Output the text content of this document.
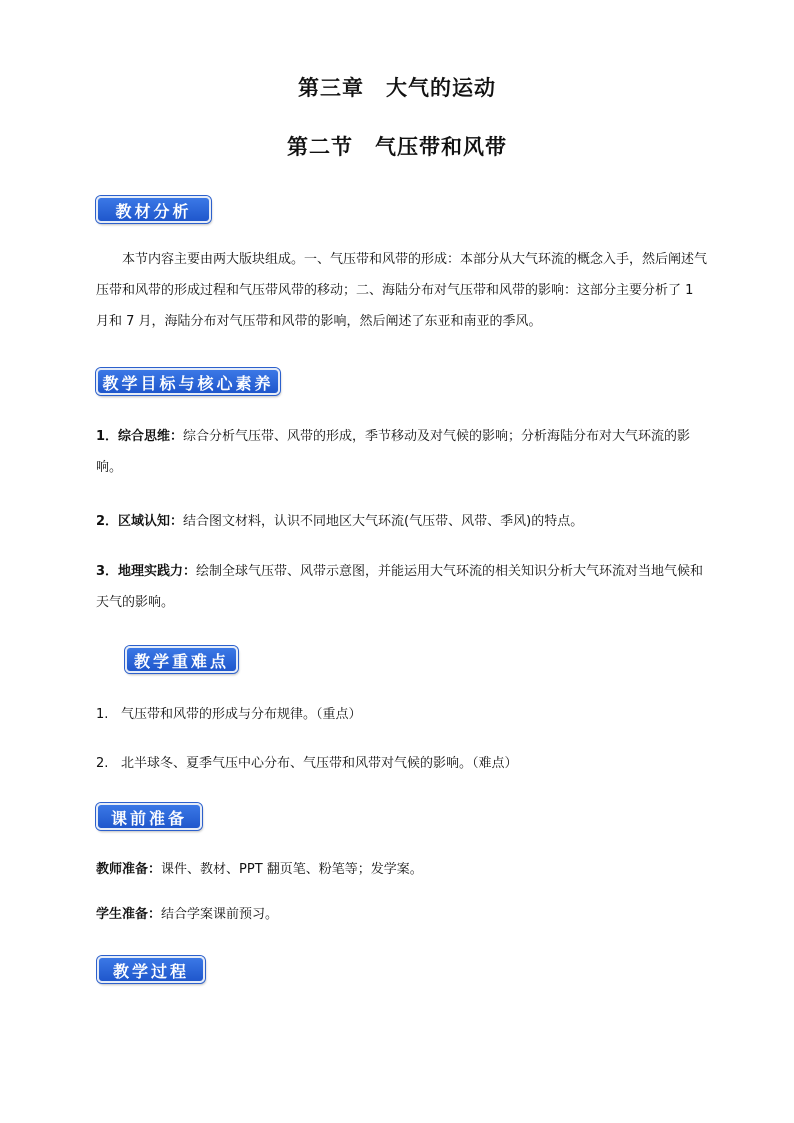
第三章 大气的运动
第二节 气压带和风带
教材分析

本节内容主要由两大版块组成。一、气压带和风带的形成：本部分从大气环流的概念入手，然后阐述气压带和风带的形成过程和气压带风带的移动；二、海陆分布对气压带和风带的影响：这部分主要分析了 1 月和 7 月，海陆分布对气压带和风带的影响，然后阐述了东亚和南亚的季风。

教学目标与核心素养

1．综合思维：综合分析气压带、风带的形成，季节移动及对气候的影响；分析海陆分布对大气环流的影响。

2．区域认知：结合图文材料，认识不同地区大气环流(气压带、风带、季风)的特点。

3．地理实践力：绘制全球气压带、风带示意图，并能运用大气环流的相关知识分析大气环流对当地气候和天气的影响。

教学重难点
1. 气压带和风带的形成与分布规律。（重点）
2. 北半球冬、夏季气压中心分布、气压带和风带对气候的影响。（难点）
课前准备
教师准备：课件、教材、PPT 翻页笔、粉笔等；发学案。
学生准备：结合学案课前预习。
教学过程
